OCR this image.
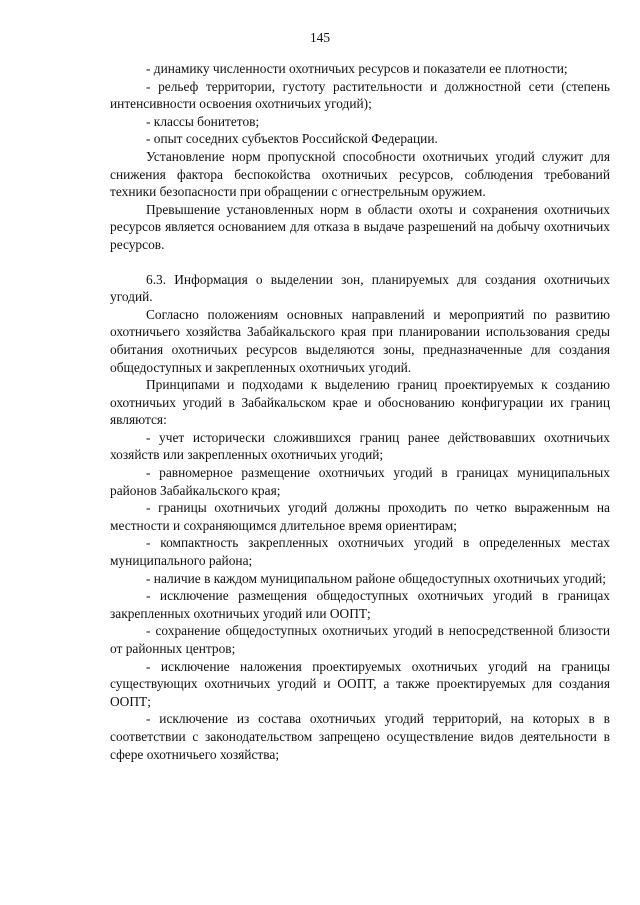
145

- динамику численности охотничьих ресурсов и показатели ее плотности;

- рельеф территории, густоту растительности и должностной сети (степень интенсивности освоения охотничьих угодий);

- классы бонитетов;

- опыт соседних субъектов Российской Федерации.

Установление норм пропускной способности охотничьих угодий служит для снижения фактора беспокойства охотничьих ресурсов, соблюдения требований техники безопасности при обращении с огнестрельным оружием.

Превышение установленных норм в области охоты и сохранения охотничьих ресурсов является основанием для отказа в выдаче разрешений на добычу охотничьих ресурсов.

6.3. Информация о выделении зон, планируемых для создания охотничьих угодий.

Согласно положениям основных направлений и мероприятий по развитию охотничьего хозяйства Забайкальского края при планировании использования среды обитания охотничьих ресурсов выделяются зоны, предназначенные для создания общедоступных и закрепленных охотничьих угодий.

Принципами и подходами к выделению границ проектируемых к созданию охотничьих угодий в Забайкальском крае и обоснованию конфигурации их границ являются:

- учет исторически сложившихся границ ранее действовавших охотничьих хозяйств или закрепленных охотничьих угодий;

- равномерное размещение охотничьих угодий в границах муниципальных районов Забайкальского края;

- границы охотничьих угодий должны проходить по четко выраженным на местности и сохраняющимся длительное время ориентирам;

- компактность закрепленных охотничьих угодий в определенных местах муниципального района;

- наличие в каждом муниципальном районе общедоступных охотничьих угодий;

- исключение размещения общедоступных охотничьих угодий в границах закрепленных охотничьих угодий или ООПТ;

- сохранение общедоступных охотничьих угодий в непосредственной близости от районных центров;

- исключение наложения проектируемых охотничьих угодий на границы существующих охотничьих угодий и ООПТ, а также проектируемых для создания ООПТ;

- исключение из состава охотничьих угодий территорий, на которых в в соответствии с законодательством запрещено осуществление видов деятельности в сфере охотничьего хозяйства;
